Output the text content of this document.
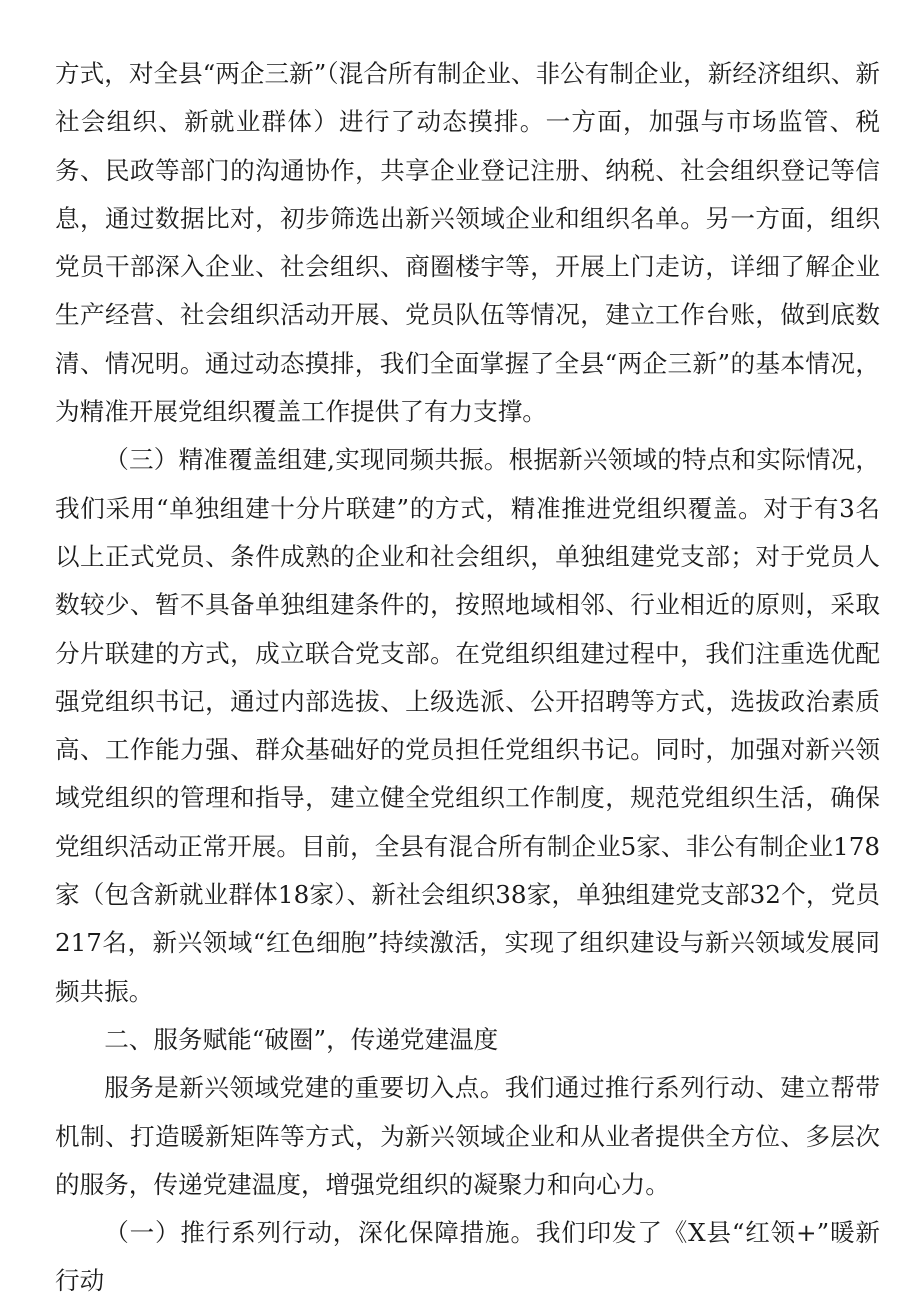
方式，对全县“两企三新”（混合所有制企业、非公有制企业，新经济组织、新社会组织、新就业群体）进行了动态摸排。一方面，加强与市场监管、税务、民政等部门的沟通协作，共享企业登记注册、纳税、社会组织登记等信息，通过数据比对，初步筛选出新兴领域企业和组织名单。另一方面，组织党员干部深入企业、社会组织、商圈楼宇等，开展上门走访，详细了解企业生产经营、社会组织活动开展、党员队伍等情况，建立工作台账，做到底数清、情况明。通过动态摸排，我们全面掌握了全县“两企三新”的基本情况，为精准开展党组织覆盖工作提供了有力支撑。

（三）精准覆盖组建,实现同频共振。根据新兴领域的特点和实际情况，我们采用“单独组建十分片联建”的方式，精准推进党组织覆盖。对于有3名以上正式党员、条件成熟的企业和社会组织，单独组建党支部；对于党员人数较少、暂不具备单独组建条件的，按照地域相邻、行业相近的原则，采取分片联建的方式，成立联合党支部。在党组织组建过程中，我们注重选优配强党组织书记，通过内部选拔、上级选派、公开招聘等方式，选拔政治素质高、工作能力强、群众基础好的党员担任党组织书记。同时，加强对新兴领域党组织的管理和指导，建立健全党组织工作制度，规范党组织生活，确保党组织活动正常开展。目前，全县有混合所有制企业5家、非公有制企业178家（包含新就业群体18家）、新社会组织38家，单独组建党支部32个，党员217名，新兴领域“红色细胞”持续激活，实现了组织建设与新兴领域发展同频共振。

二、服务赋能“破圈”，传递党建温度

服务是新兴领域党建的重要切入点。我们通过推行系列行动、建立帮带机制、打造暖新矩阵等方式，为新兴领域企业和从业者提供全方位、多层次的服务，传递党建温度，增强党组织的凝聚力和向心力。

（一）推行系列行动，深化保障措施。我们印发了《X县“红领+”暖新行动
